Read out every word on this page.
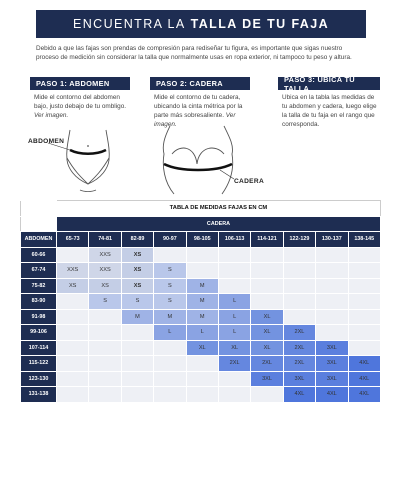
ENCUENTRA LA TALLA DE TU FAJA

Debido a que las fajas son prendas de compresión para rediseñar tu figura, es importante que sigas nuestro proceso de medición sin considerar la talla que normalmente usas en ropa exterior, ni tampoco tu peso y altura.

PASO 1: ABDOMEN
Mide el contorno del abdomen bajo, justo debajo de tu ombligo. Ver imagen.
PASO 2: CADERA
Mide el contorno de tu cadera, ubicando la cinta métrica por la parte más sobresaliente. Ver imagen.
PASO 3: UBICA TU TALLA
Ubica en la tabla las medidas de tu abdomen y cadera, luego elige la talla de tu faja en el rango que corresponda.
ABDOMEN
CADERA
	TABLA DE MEDIDAS FAJAS EN CM									
	CADERA									
ABDOMEN	65-73	74-81	82-89	90-97	98-105	106-113	114-121	122-129	130-137	138-145
60-66		XXS	XS							
67-74	XXS	XXS	XS	S						
75-82	XS	XS	XS	S	M					
83-90		S	S	S	M	L				
91-98			M	M	M	L	XL			
99-106				L	L	L	XL	2XL		
107-114					XL	XL	XL	2XL	3XL	
115-122						2XL	2XL	2XL	3XL	4XL
123-130							3XL	3XL	3XL	4XL
131-138								4XL	4XL	4XL
